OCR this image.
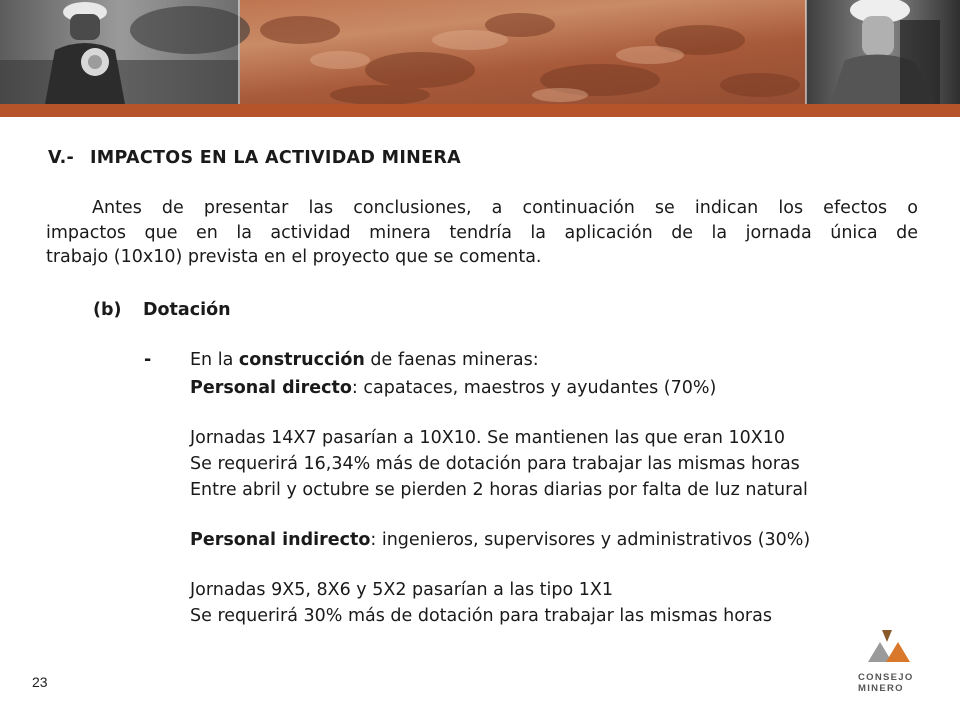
V.- IMPACTOS EN LA ACTIVIDAD MINERA
Antes de presentar las conclusiones, a continuación se indican los efectos o
impactos que en la actividad minera tendría la aplicación de la jornada única de
trabajo (10x10) prevista en el proyecto que se comenta.
(b) Dotación
- En la construcción de faenas mineras:
Personal directo: capataces, maestros y ayudantes (70%)
Jornadas 14X7 pasarían a 10X10. Se mantienen las que eran 10X10
Se requerirá 16,34% más de dotación para trabajar las mismas horas
Entre abril y octubre se pierden 2 horas diarias por falta de luz natural
Personal indirecto: ingenieros, supervisores y administrativos (30%)
Jornadas 9X5, 8X6 y 5X2 pasarían a las tipo 1X1
Se requerirá 30% más de dotación para trabajar las mismas horas
23	CONSEJO
MINERO
